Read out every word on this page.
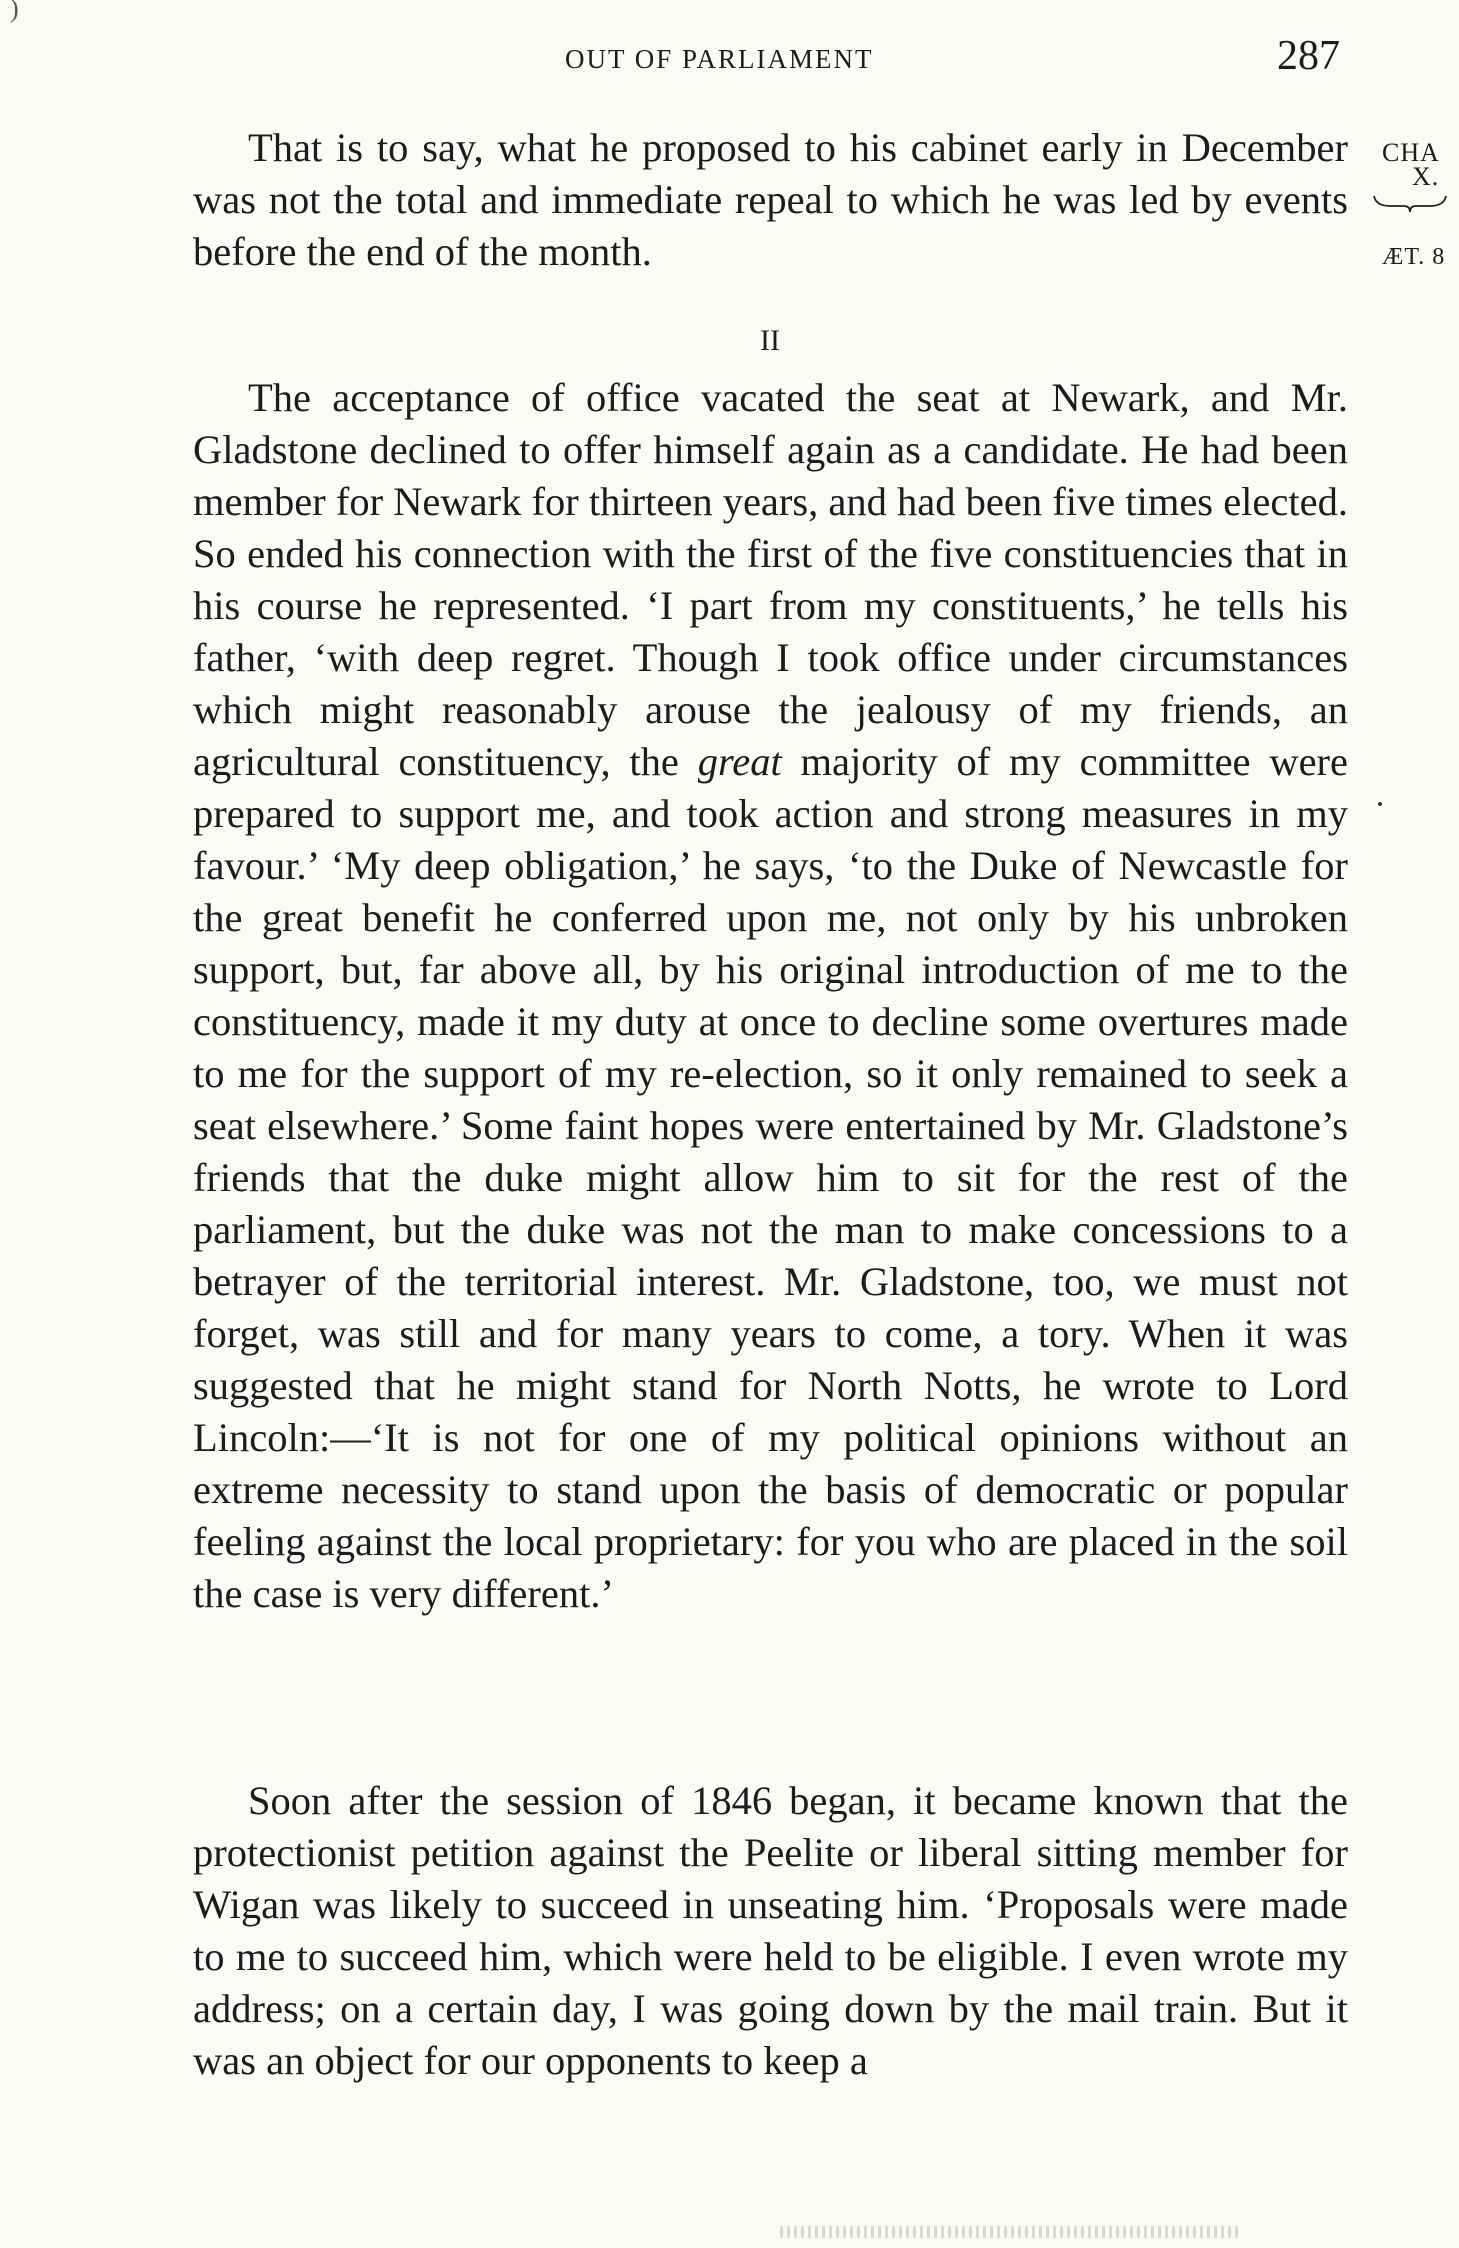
)
OUT OF PARLIAMENT	287

That is to say, what he proposed to his cabinet early in December was not the total and immediate repeal to which he was led by events before the end of the month.

II

The acceptance of office vacated the seat at Newark, and Mr. Gladstone declined to offer himself again as a candidate. He had been member for Newark for thirteen years, and had been five times elected. So ended his connection with the first of the five constituencies that in his course he represented. ‘I part from my constituents,’ he tells his father, ‘with deep regret. Though I took office under circumstances which might reasonably arouse the jealousy of my friends, an agricultural constituency, the great majority of my committee were prepared to support me, and took action and strong measures in my favour.’ ‘My deep obligation,’ he says, ‘to the Duke of Newcastle for the great benefit he conferred upon me, not only by his unbroken support, but, far above all, by his original introduction of me to the constituency, made it my duty at once to decline some overtures made to me for the support of my re-election, so it only remained to seek a seat elsewhere.’ Some faint hopes were entertained by Mr. Gladstone’s friends that the duke might allow him to sit for the rest of the parliament, but the duke was not the man to make concessions to a betrayer of the territorial interest. Mr. Gladstone, too, we must not forget, was still and for many years to come, a tory. When it was suggested that he might stand for North Notts, he wrote to Lord Lincoln:—‘It is not for one of my political opinions without an extreme necessity to stand upon the basis of democratic or popular feeling against the local proprietary: for you who are placed in the soil the case is very different.’

Soon after the session of 1846 began, it became known that the protectionist petition against the Peelite or liberal sitting member for Wigan was likely to succeed in unseating him. ‘Proposals were made to me to succeed him, which were held to be eligible. I even wrote my address; on a certain day, I was going down by the mail train. But it was an object for our opponents to keep a

CHA
X.
ÆT. 8
